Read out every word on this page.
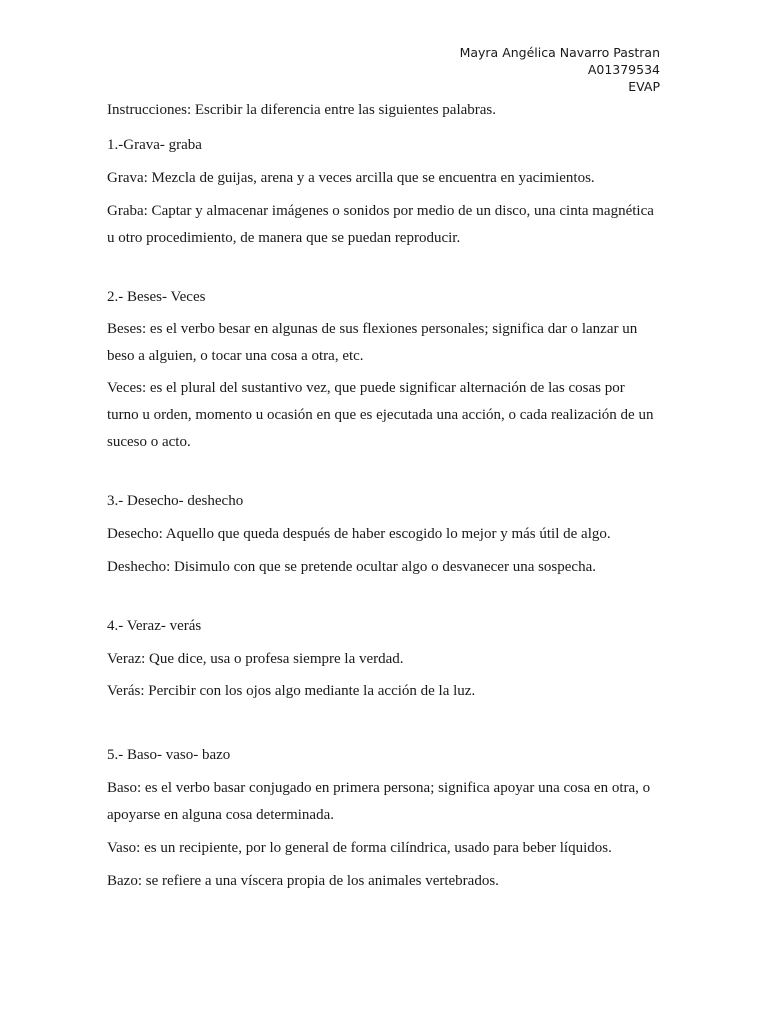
Mayra Angélica Navarro Pastran
A01379534
EVAP
Instrucciones: Escribir la diferencia entre las siguientes palabras.
1.-Grava- graba
Grava: Mezcla de guijas, arena y a veces arcilla que se encuentra en yacimientos.
Graba: Captar y almacenar imágenes o sonidos por medio de un disco, una cinta magnética
u otro procedimiento, de manera que se puedan reproducir.
2.- Beses- Veces
Beses: es el verbo besar en algunas de sus flexiones personales; significa dar o lanzar un
beso a alguien, o tocar una cosa a otra, etc.
Veces: es el plural del sustantivo vez, que puede significar alternación de las cosas por
turno u orden, momento u ocasión en que es ejecutada una acción, o cada realización de un
suceso o acto.
3.- Desecho- deshecho
Desecho: Aquello que queda después de haber escogido lo mejor y más útil de algo.
Deshecho: Disimulo con que se pretende ocultar algo o desvanecer una sospecha.
4.- Veraz- verás
Veraz: Que dice, usa o profesa siempre la verdad.
Verás: Percibir con los ojos algo mediante la acción de la luz.
5.- Baso- vaso- bazo
Baso: es el verbo basar conjugado en primera persona; significa apoyar una cosa en otra, o
apoyarse en alguna cosa determinada.
Vaso: es un recipiente, por lo general de forma cilíndrica, usado para beber líquidos.
Bazo: se refiere a una víscera propia de los animales vertebrados.
